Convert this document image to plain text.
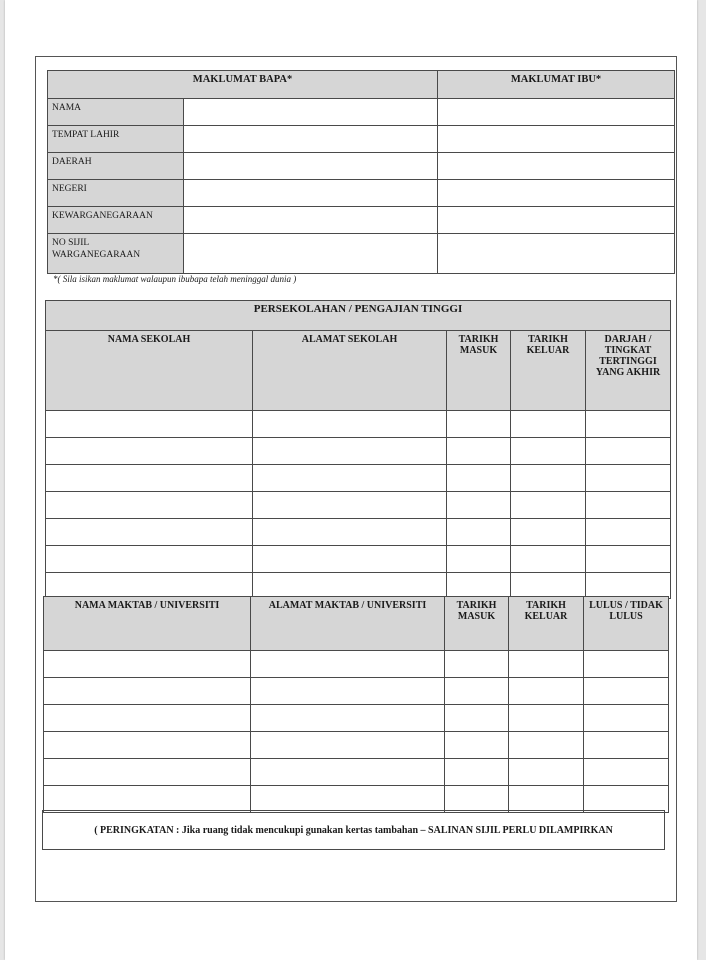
MAKLUMAT BAPA*		MAKLUMAT IBU*
NAMA		
TEMPAT LAHIR		
DAERAH		
NEGERI		
KEWARGANEGARAAN		
NO SIJIL WARGANEGARAAN		
*( Sila isikan maklumat walaupun ibubapa telah meninggal dunia )
PERSEKOLAHAN / PENGAJIAN TINGGI				
NAMA SEKOLAH	ALAMAT SEKOLAH	TARIKH MASUK	TARIKH KELUAR	DARJAH / TINGKAT TERTINGGI YANG AKHIR

NAMA MAKTAB / UNIVERSITI	ALAMAT MAKTAB / UNIVERSITI	TARIKH MASUK	TARIKH KELUAR	LULUS / TIDAK LULUS

( PERINGKATAN : Jika ruang tidak mencukupi gunakan kertas tambahan – SALINAN SIJIL PERLU DILAMPIRKAN
